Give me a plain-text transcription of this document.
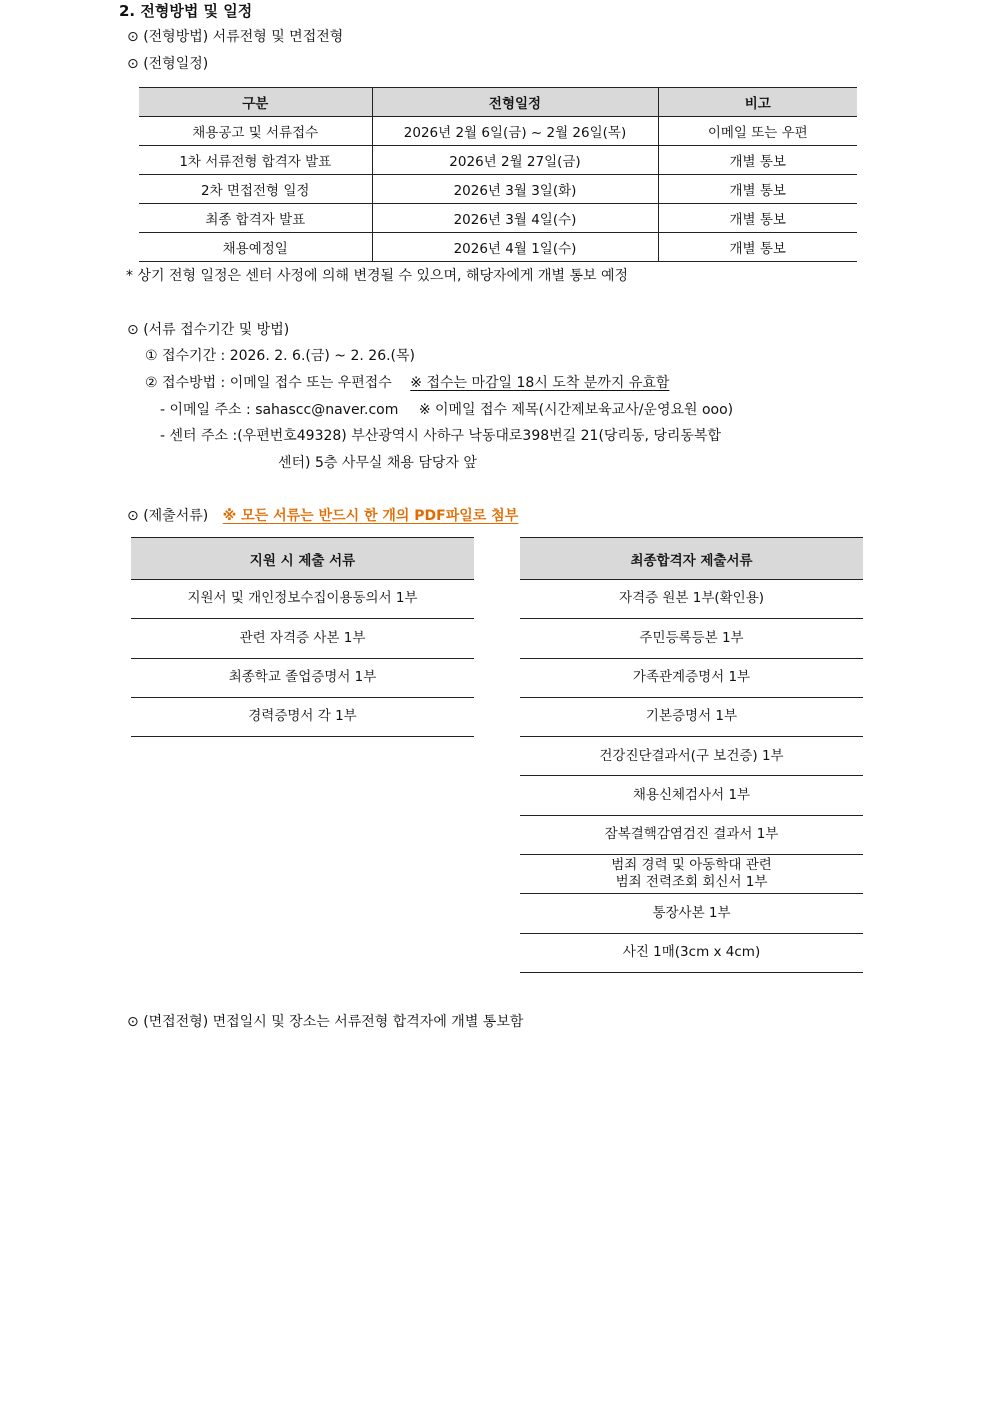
2. 전형방법 및 일정
⊙ (전형방법) 서류전형 및 면접전형
⊙ (전형일정)
구분	전형일정	비고
채용공고 및 서류접수	2026년 2월 6일(금) ~ 2월 26일(목)	이메일 또는 우편
1차 서류전형 합격자 발표	2026년 2월 27일(금)	개별 통보
2차 면접전형 일정	2026년 3월 3일(화)	개별 통보
최종 합격자 발표	2026년 3월 4일(수)	개별 통보
채용예정일	2026년 4월 1일(수)	개별 통보
* 상기 전형 일정은 센터 사정에 의해 변경될 수 있으며, 해당자에게 개별 통보 예정
⊙ (서류 접수기간 및 방법)
① 접수기간 : 2026. 2. 6.(금) ~ 2. 26.(목)
② 접수방법 : 이메일 접수 또는 우편접수 ※ 접수는 마감일 18시 도착 분까지 유효함
- 이메일 주소 : sahascc@naver.com ※ 이메일 접수 제목(시간제보육교사/운영요원 ooo)
- 센터 주소 :(우편번호49328) 부산광역시 사하구 낙동대로398번길 21(당리동, 당리동복합
센터) 5층 사무실 채용 담당자 앞
⊙ (제출서류) ※ 모든 서류는 반드시 한 개의 PDF파일로 첨부
지원 시 제출 서류
지원서 및 개인정보수집이용동의서 1부
관련 자격증 사본 1부
최종학교 졸업증명서 1부
경력증명서 각 1부
최종합격자 제출서류
자격증 원본 1부(확인용)
주민등록등본 1부
가족관계증명서 1부
기본증명서 1부
건강진단결과서(구 보건증) 1부
채용신체검사서 1부
잠복결핵감염검진 결과서 1부
범죄 경력 및 아동학대 관련
범죄 전력조회 회신서 1부
통장사본 1부
사진 1매(3cm x 4cm)
⊙ (면접전형) 면접일시 및 장소는 서류전형 합격자에 개별 통보함
